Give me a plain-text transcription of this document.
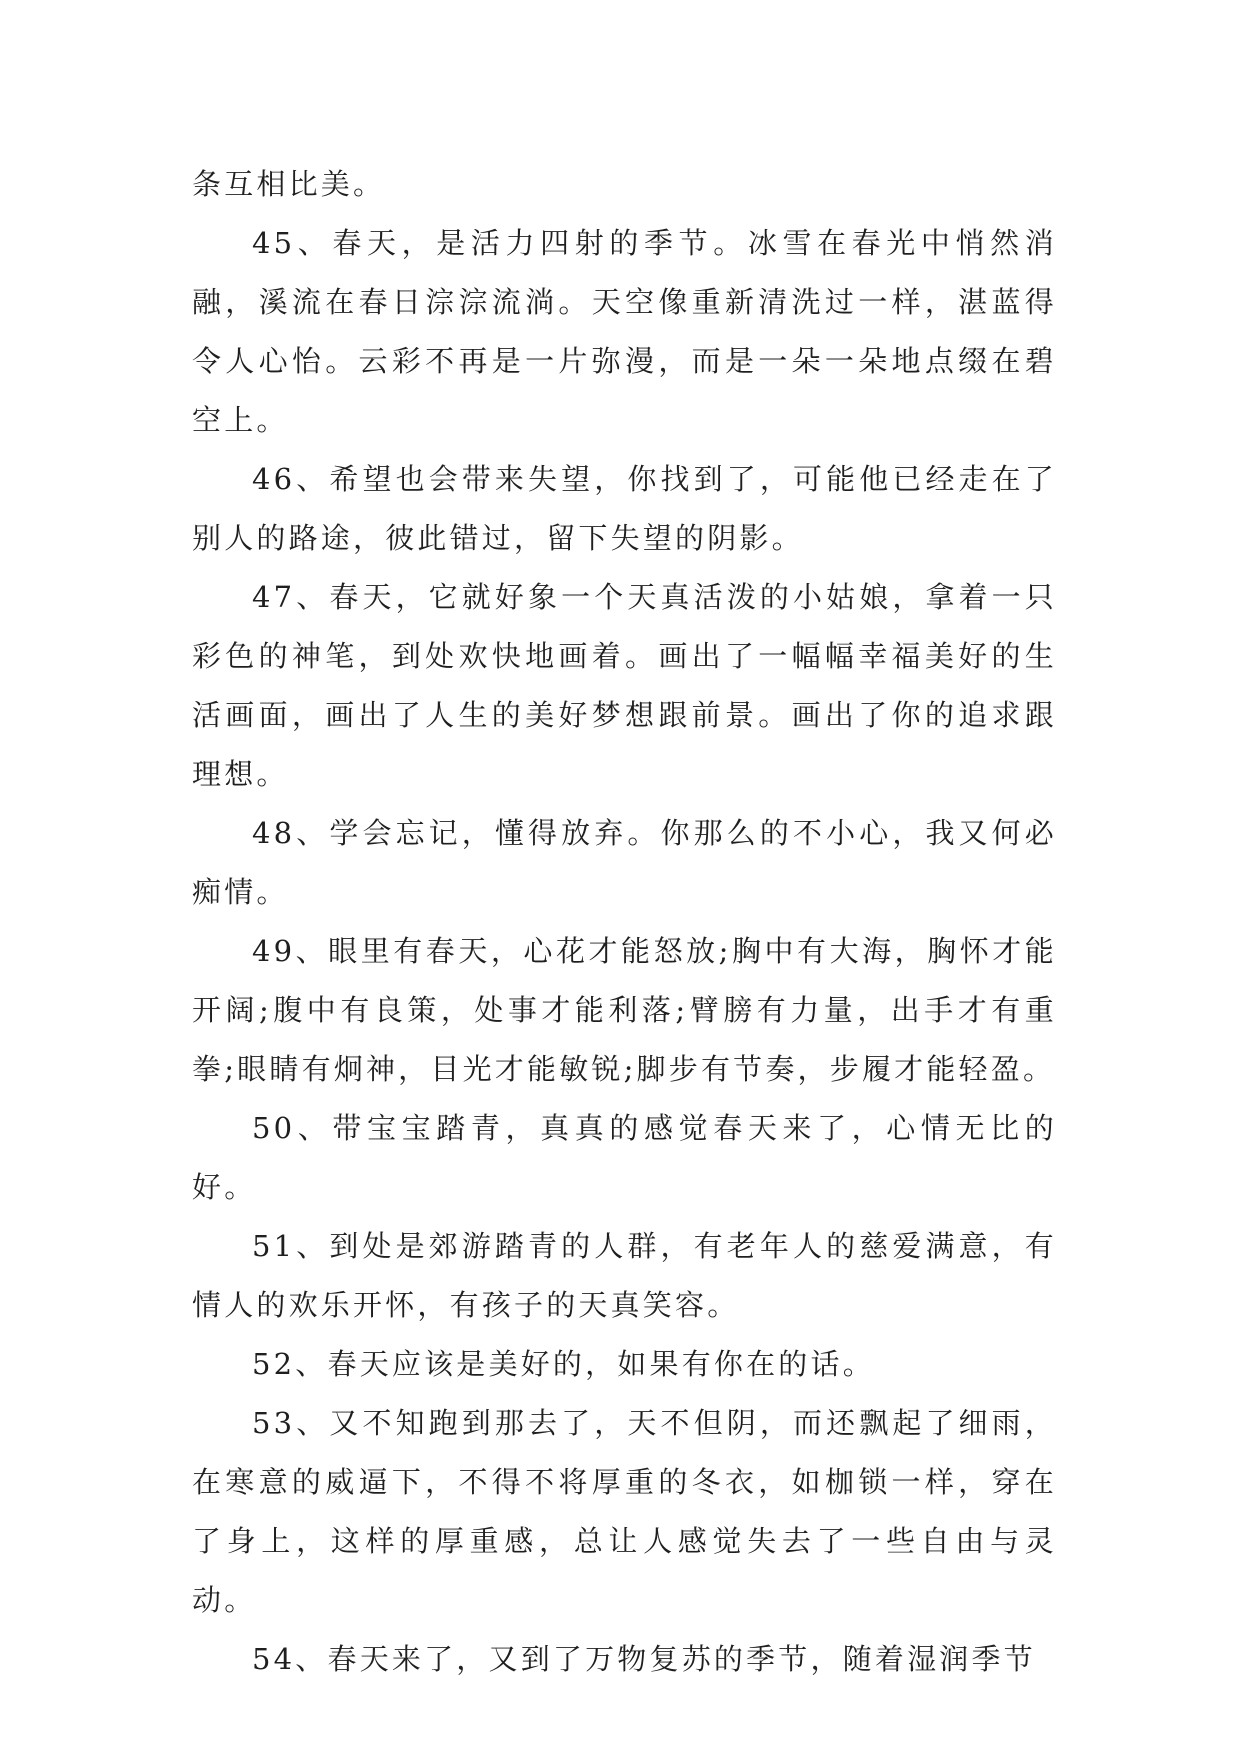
条互相比美。

45、春天，是活力四射的季节。冰雪在春光中悄然消融，溪流在春日淙淙流淌。天空像重新清洗过一样，湛蓝得令人心怡。云彩不再是一片弥漫，而是一朵一朵地点缀在碧空上。

46、希望也会带来失望，你找到了，可能他已经走在了别人的路途，彼此错过，留下失望的阴影。

47、春天，它就好象一个天真活泼的小姑娘，拿着一只彩色的神笔，到处欢快地画着。画出了一幅幅幸福美好的生活画面，画出了人生的美好梦想跟前景。画出了你的追求跟理想。

48、学会忘记，懂得放弃。你那么的不小心，我又何必痴情。

49、眼里有春天，心花才能怒放;胸中有大海，胸怀才能开阔;腹中有良策，处事才能利落;臂膀有力量，出手才有重拳;眼睛有炯神，目光才能敏锐;脚步有节奏，步履才能轻盈。

50、带宝宝踏青，真真的感觉春天来了，心情无比的好。

51、到处是郊游踏青的人群，有老年人的慈爱满意，有情人的欢乐开怀，有孩子的天真笑容。

52、春天应该是美好的，如果有你在的话。

53、又不知跑到那去了，天不但阴，而还飘起了细雨，在寒意的威逼下，不得不将厚重的冬衣，如枷锁一样，穿在了身上，这样的厚重感，总让人感觉失去了一些自由与灵动。

54、春天来了，又到了万物复苏的季节，随着湿润季节
